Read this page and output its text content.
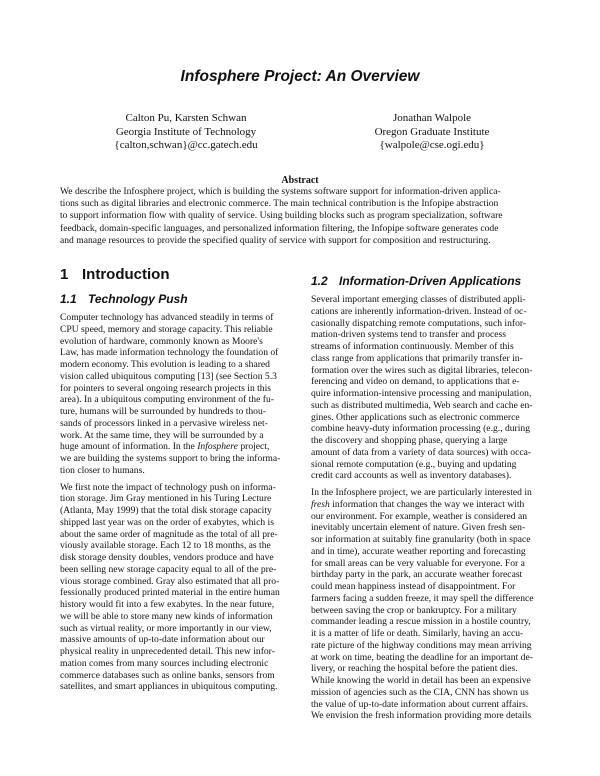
Infosphere Project: An Overview
Calton Pu, Karsten Schwan
Georgia Institute of Technology
{calton,schwan}@cc.gatech.edu
Jonathan Walpole
Oregon Graduate Institute
{walpole@cse.ogi.edu}
Abstract
We describe the Infosphere project, which is building the systems software support for information-driven applica-
tions such as digital libraries and electronic commerce. The main technical contribution is the Infopipe abstraction
to support information flow with quality of service. Using building blocks such as program specialization, software
feedback, domain-specific languages, and personalized information filtering, the Infopipe software generates code
and manage resources to provide the specified quality of service with support for composition and restructuring.
1 Introduction
1.1 Technology Push
1.2 Information-Driven Applications
Computer technology has advanced steadily in terms of
CPU speed, memory and storage capacity. This reliable
evolution of hardware, commonly known as Moore's
Law, has made information technology the foundation of
modern economy. This evolution is leading to a shared
vision called ubiquitous computing [13] (see Section 5.3
for pointers to several ongoing research projects in this
area). In a ubiquitous computing environment of the fu-
ture, humans will be surrounded by hundreds to thou-
sands of processors linked in a pervasive wireless net-
work. At the same time, they will be surrounded by a
huge amount of information. In the Infosphere project,
we are building the systems support to bring the informa-
tion closer to humans.
We first note the impact of technology push on informa-
tion storage. Jim Gray mentioned in his Turing Lecture
(Atlanta, May 1999) that the total disk storage capacity
shipped last year was on the order of exabytes, which is
about the same order of magnitude as the total of all pre-
viously available storage. Each 12 to 18 months, as the
disk storage density doubles, vendors produce and have
been selling new storage capacity equal to all of the pre-
vious storage combined. Gray also estimated that all pro-
fessionally produced printed material in the entire human
history would fit into a few exabytes. In the near future,
we will be able to store many new kinds of information
such as virtual reality, or more importantly in our view,
massive amounts of up-to-date information about our
physical reality in unprecedented detail. This new infor-
mation comes from many sources including electronic
commerce databases such as online banks, sensors from
satellites, and smart appliances in ubiquitous computing.
Several important emerging classes of distributed appli-
cations are inherently information-driven. Instead of oc-
casionally dispatching remote computations, such infor-
mation-driven systems tend to transfer and process
streams of information continuously. Member of this
class range from applications that primarily transfer in-
formation over the wires such as digital libraries, telecon-
ferencing and video on demand, to applications that e-
quire information-intensive processing and manipulation,
such as distributed multimedia, Web search and cache en-
gines. Other applications such as electronic commerce
combine heavy-duty information processing (e.g., during
the discovery and shopping phase, querying a large
amount of data from a variety of data sources) with occa-
sional remote computation (e.g., buying and updating
credit card accounts as well as inventory databases).
In the Infosphere project, we are particularly interested in
fresh information that changes the way we interact with
our environment. For example, weather is considered an
inevitably uncertain element of nature. Given fresh sen-
sor information at suitably fine granularity (both in space
and in time), accurate weather reporting and forecasting
for small areas can be very valuable for everyone. For a
birthday party in the park, an accurate weather forecast
could mean happiness instead of disappointment. For
farmers facing a sudden freeze, it may spell the difference
between saving the crop or bankruptcy. For a military
commander leading a rescue mission in a hostile country,
it is a matter of life or death. Similarly, having an accu-
rate picture of the highway conditions may mean arriving
at work on time, beating the deadline for an important de-
livery, or reaching the hospital before the patient dies.
While knowing the world in detail has been an expensive
mission of agencies such as the CIA, CNN has shown us
the value of up-to-date information about current affairs.
We envision the fresh information providing more details
